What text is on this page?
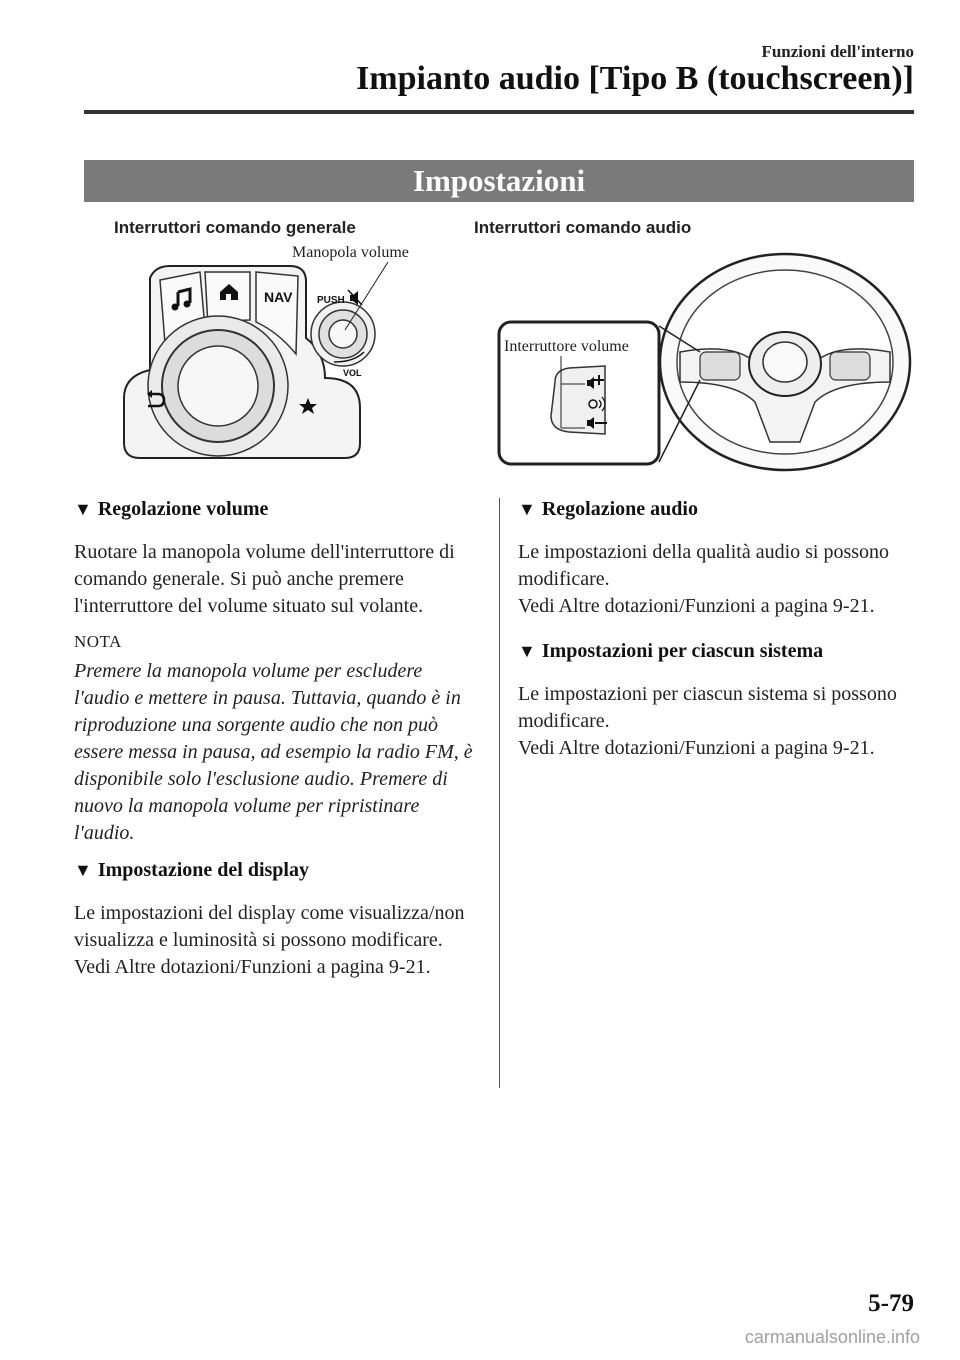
Funzioni dell'interno
Impianto audio [Tipo B (touchscreen)]
Impostazioni
Interruttori comando generale
Manopola volume
NAV PUSH
VOL
Interruttori comando audio
Interruttore volume
▼ Regolazione volume

Ruotare la manopola volume dell'interruttore di comando generale. Si può anche premere l'interruttore del volume situato sul volante.

NOTA

Premere la manopola volume per escludere l'audio e mettere in pausa. Tuttavia, quando è in riproduzione una sorgente audio che non può essere messa in pausa, ad esempio la radio FM, è disponibile solo l'esclusione audio. Premere di nuovo la manopola volume per ripristinare l'audio.

▼ Impostazione del display

Le impostazioni del display come visualizza/non visualizza e luminosità si possono modificare.

Vedi Altre dotazioni/Funzioni a pagina 9-21.

▼ Regolazione audio

Le impostazioni della qualità audio si possono modificare.

Vedi Altre dotazioni/Funzioni a pagina 9-21.

▼ Impostazioni per ciascun sistema

Le impostazioni per ciascun sistema si possono modificare.

Vedi Altre dotazioni/Funzioni a pagina 9-21.

5-79
carmanualsonline.info
